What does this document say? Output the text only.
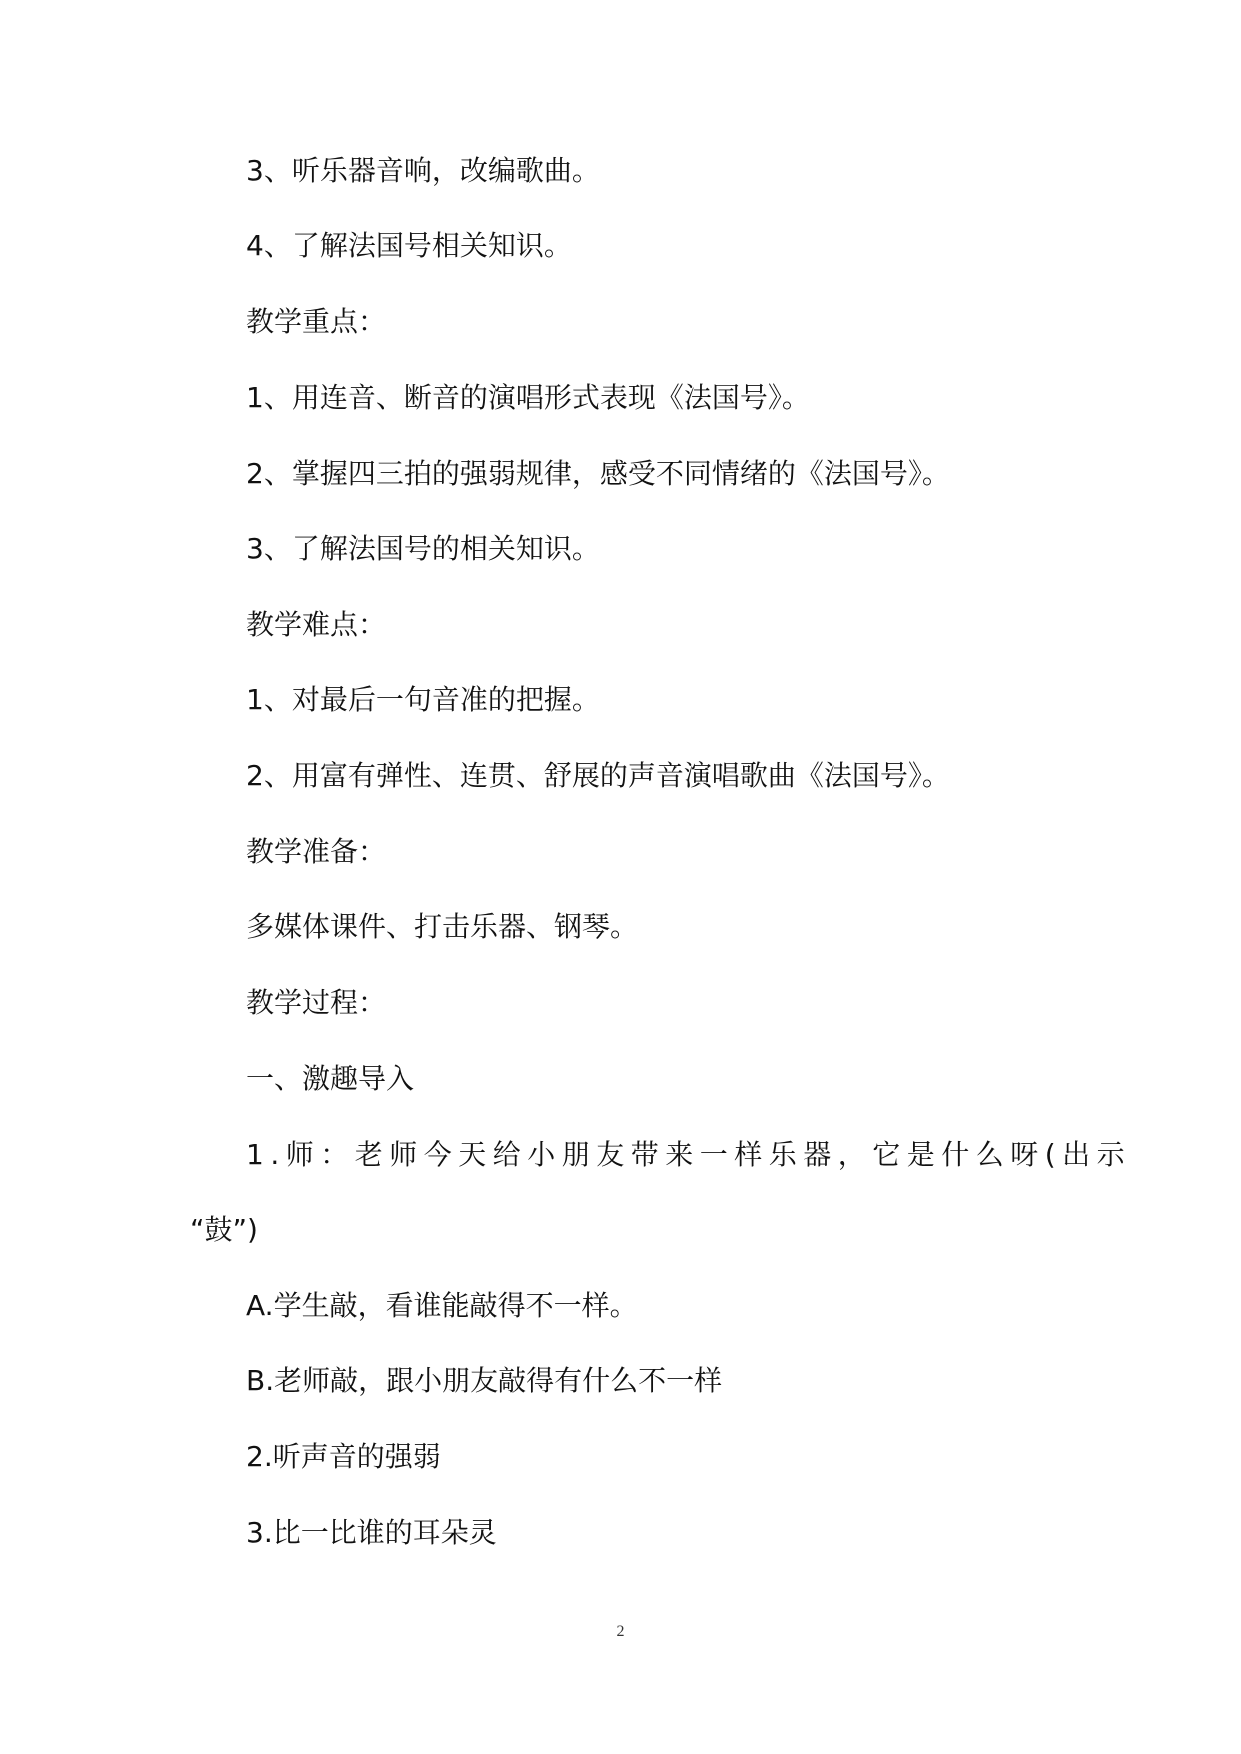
3、听乐器音响，改编歌曲。
4、了解法国号相关知识。
教学重点：
1、用连音、断音的演唱形式表现《法国号》。
2、掌握四三拍的强弱规律，感受不同情绪的《法国号》。
3、了解法国号的相关知识。
教学难点：
1、对最后一句音准的把握。
2、用富有弹性、连贯、舒展的声音演唱歌曲《法国号》。
教学准备：
多媒体课件、打击乐器、钢琴。
教学过程：
一、激趣导入
1.师：老师今天给小朋友带来一样乐器，它是什么呀(出示
“鼓”)
A.学生敲，看谁能敲得不一样。
B.老师敲，跟小朋友敲得有什么不一样
2.听声音的强弱
3.比一比谁的耳朵灵
2
